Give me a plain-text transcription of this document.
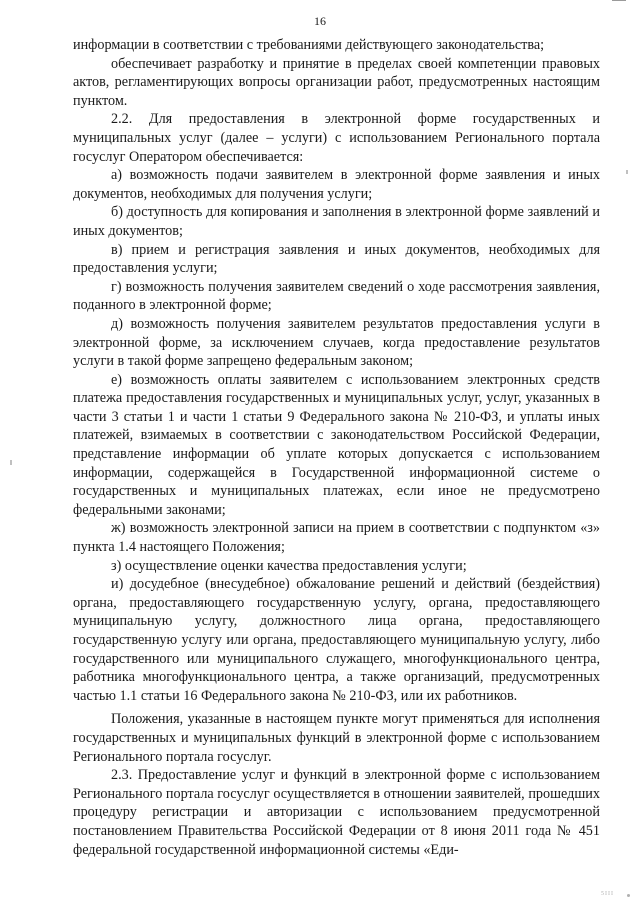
16

информации в соответствии с требованиями действующего законодательства;

обеспечивает разработку и принятие в пределах своей компетенции правовых актов, регламентирующих вопросы организации работ, предусмотренных настоящим пунктом.

2.2. Для предоставления в электронной форме государственных и муниципальных услуг (далее – услуги) с использованием Регионального портала госуслуг Оператором обеспечивается:

а) возможность подачи заявителем в электронной форме заявления и иных документов, необходимых для получения услуги;

б) доступность для копирования и заполнения в электронной форме заявлений и иных документов;

в) прием и регистрация заявления и иных документов, необходимых для предоставления услуги;

г) возможность получения заявителем сведений о ходе рассмотрения заявления, поданного в электронной форме;

д) возможность получения заявителем результатов предоставления услуги в электронной форме, за исключением случаев, когда предоставление результатов услуги в такой форме запрещено федеральным законом;

е) возможность оплаты заявителем с использованием электронных средств платежа предоставления государственных и муниципальных услуг, услуг, указанных в части 3 статьи 1 и части 1 статьи 9 Федерального закона № 210-ФЗ, и уплаты иных платежей, взимаемых в соответствии с законодательством Российской Федерации, представление информации об уплате которых допускается с использованием информации, содержащейся в Государственной информационной системе о государственных и муниципальных платежах, если иное не предусмотрено федеральными законами;

ж) возможность электронной записи на прием в соответствии с подпунктом «з» пункта 1.4 настоящего Положения;

з) осуществление оценки качества предоставления услуги;

и) досудебное (внесудебное) обжалование решений и действий (бездействия) органа, предоставляющего государственную услугу, органа, предоставляющего муниципальную услугу, должностного лица органа, предоставляющего государственную услугу или органа, предоставляющего муниципальную услугу, либо государственного или муниципального служащего, многофункционального центра, работника многофункционального центра, а также организаций, предусмотренных частью 1.1 статьи 16 Федерального закона № 210-ФЗ, или их работников.

Положения, указанные в настоящем пункте могут применяться для исполнения государственных и муниципальных функций в электронной форме с использованием Регионального портала госуслуг.

2.3. Предоставление услуг и функций в электронной форме с использованием Регионального портала госуслуг осуществляется в отношении заявителей, прошедших процедуру регистрации и авторизации с использованием предусмотренной постановлением Правительства Российской Федерации от 8 июня 2011 года № 451 федеральной государственной информационной системы «Еди-

5III
